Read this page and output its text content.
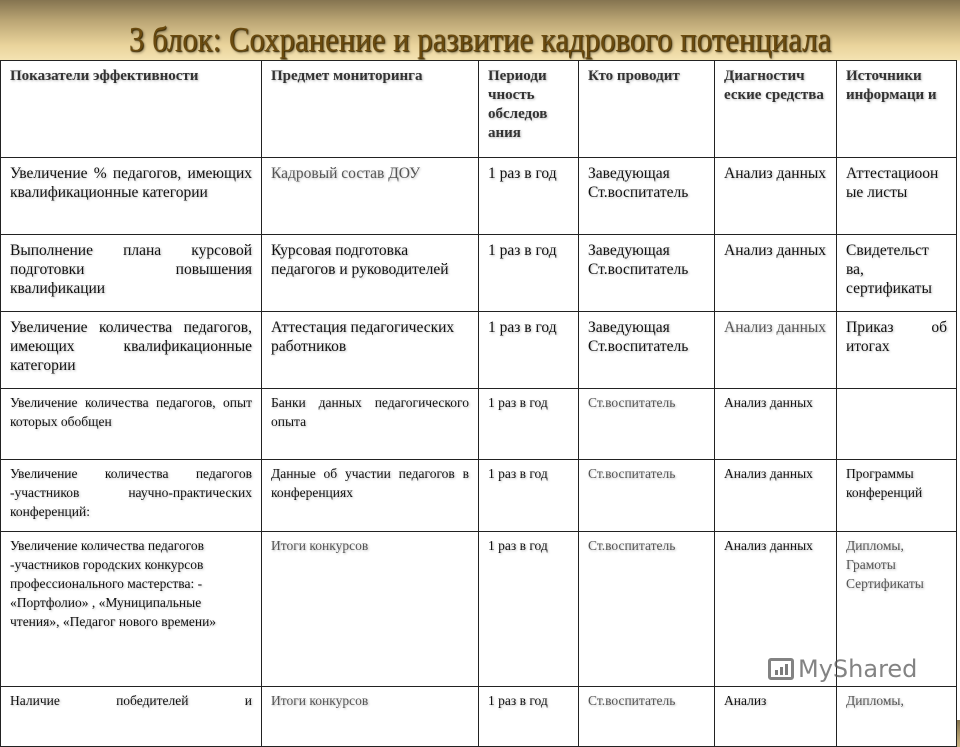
3 блок: Сохранение и развитие кадрового потенциала
Показатели эффективности	Предмет мониторинга	Периоди чность обследов ания	Кто проводит	Диагностич еские средства	Источники информаци и
Увеличение % педагогов, имеющих квалификационные категории	Кадровый состав ДОУ	1 раз в год	Заведующая Ст.воспитатель	Анализ данных	Аттестациоон ые листы
Выполнение плана курсовой подготовки повышения квалификации	Курсовая подготовка педагогов и руководителей	1 раз в год	Заведующая Ст.воспитатель	Анализ данных	Свидетельст ва, сертификаты
Увеличение количества педагогов, имеющих квалификационные категории	Аттестация педагогических работников	1 раз в год	Заведующая Ст.воспитатель	Анализ данных	Приказ об итогах
Увеличение количества педагогов, опыт которых обобщен	Банки данных педагогического опыта	1 раз в год	Ст.воспитатель	Анализ данных	
Увеличение количества педагогов -участников научно-практических конференций:	Данные об участии педагогов в конференциях	1 раз в год	Ст.воспитатель	Анализ данных	Программы конференций
Увеличение количества педагогов -участников городских конкурсов профессионального мастерства: - «Портфолио» , «Муниципальные чтения», «Педагог нового времени»	Итоги конкурсов	1 раз в год	Ст.воспитатель	Анализ данных	Дипломы, Грамоты Сертификаты
Наличие победителей и	Итоги конкурсов	1 раз в год	Ст.воспитатель	Анализ	Дипломы,
MyShared
